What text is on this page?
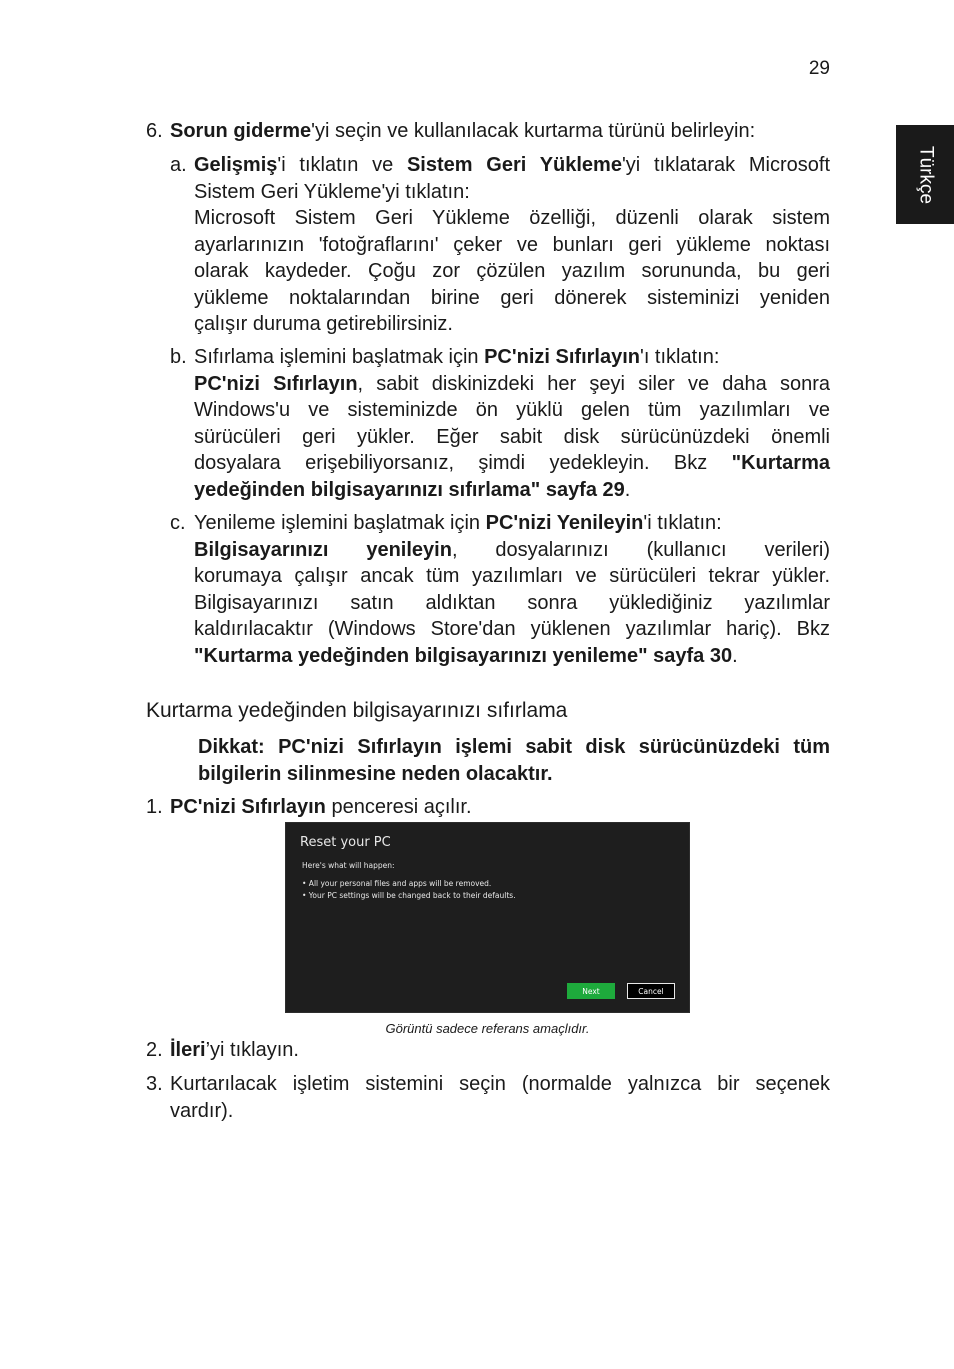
29
Türkçe
6. Sorun giderme'yi seçin ve kullanılacak kurtarma türünü belirleyin:
a. Gelişmiş'i tıklatın ve Sistem Geri Yükleme'yi tıklatarak Microsoft
Sistem Geri Yükleme'yi tıklatın:
Microsoft Sistem Geri Yükleme özelliği, düzenli olarak sistem
ayarlarınızın 'fotoğraflarını' çeker ve bunları geri yükleme noktası
olarak kaydeder. Çoğu zor çözülen yazılım sorununda, bu geri
yükleme noktalarından birine geri dönerek sisteminizi yeniden
çalışır duruma getirebilirsiniz.
b. Sıfırlama işlemini başlatmak için PC'nizi Sıfırlayın'ı tıklatın:
PC'nizi Sıfırlayın, sabit diskinizdeki her şeyi siler ve daha sonra
Windows'u ve sisteminizde ön yüklü gelen tüm yazılımları ve
sürücüleri geri yükler. Eğer sabit disk sürücünüzdeki önemli
dosyalara erişebiliyorsanız, şimdi yedekleyin. Bkz "Kurtarma
yedeğinden bilgisayarınızı sıfırlama" sayfa 29.
c. Yenileme işlemini başlatmak için PC'nizi Yenileyin'i tıklatın:
Bilgisayarınızı yenileyin, dosyalarınızı (kullanıcı verileri)
korumaya çalışır ancak tüm yazılımları ve sürücüleri tekrar yükler.
Bilgisayarınızı satın aldıktan sonra yüklediğiniz yazılımlar
kaldırılacaktır (Windows Store'dan yüklenen yazılımlar hariç). Bkz
"Kurtarma yedeğinden bilgisayarınızı yenileme" sayfa 30.
Kurtarma yedeğinden bilgisayarınızı sıfırlama
Dikkat: PC'nizi Sıfırlayın işlemi sabit disk sürücünüzdeki tüm
bilgilerin silinmesine neden olacaktır.
1. PC'nizi Sıfırlayın penceresi açılır.
Reset your PC
Here's what will happen:
• All your personal files and apps will be removed.
• Your PC settings will be changed back to their defaults.
Next	Cancel
Görüntü sadece referans amaçlıdır.
2. İleri’yi tıklayın.
3. Kurtarılacak işletim sistemini seçin (normalde yalnızca bir seçenek
vardır).
